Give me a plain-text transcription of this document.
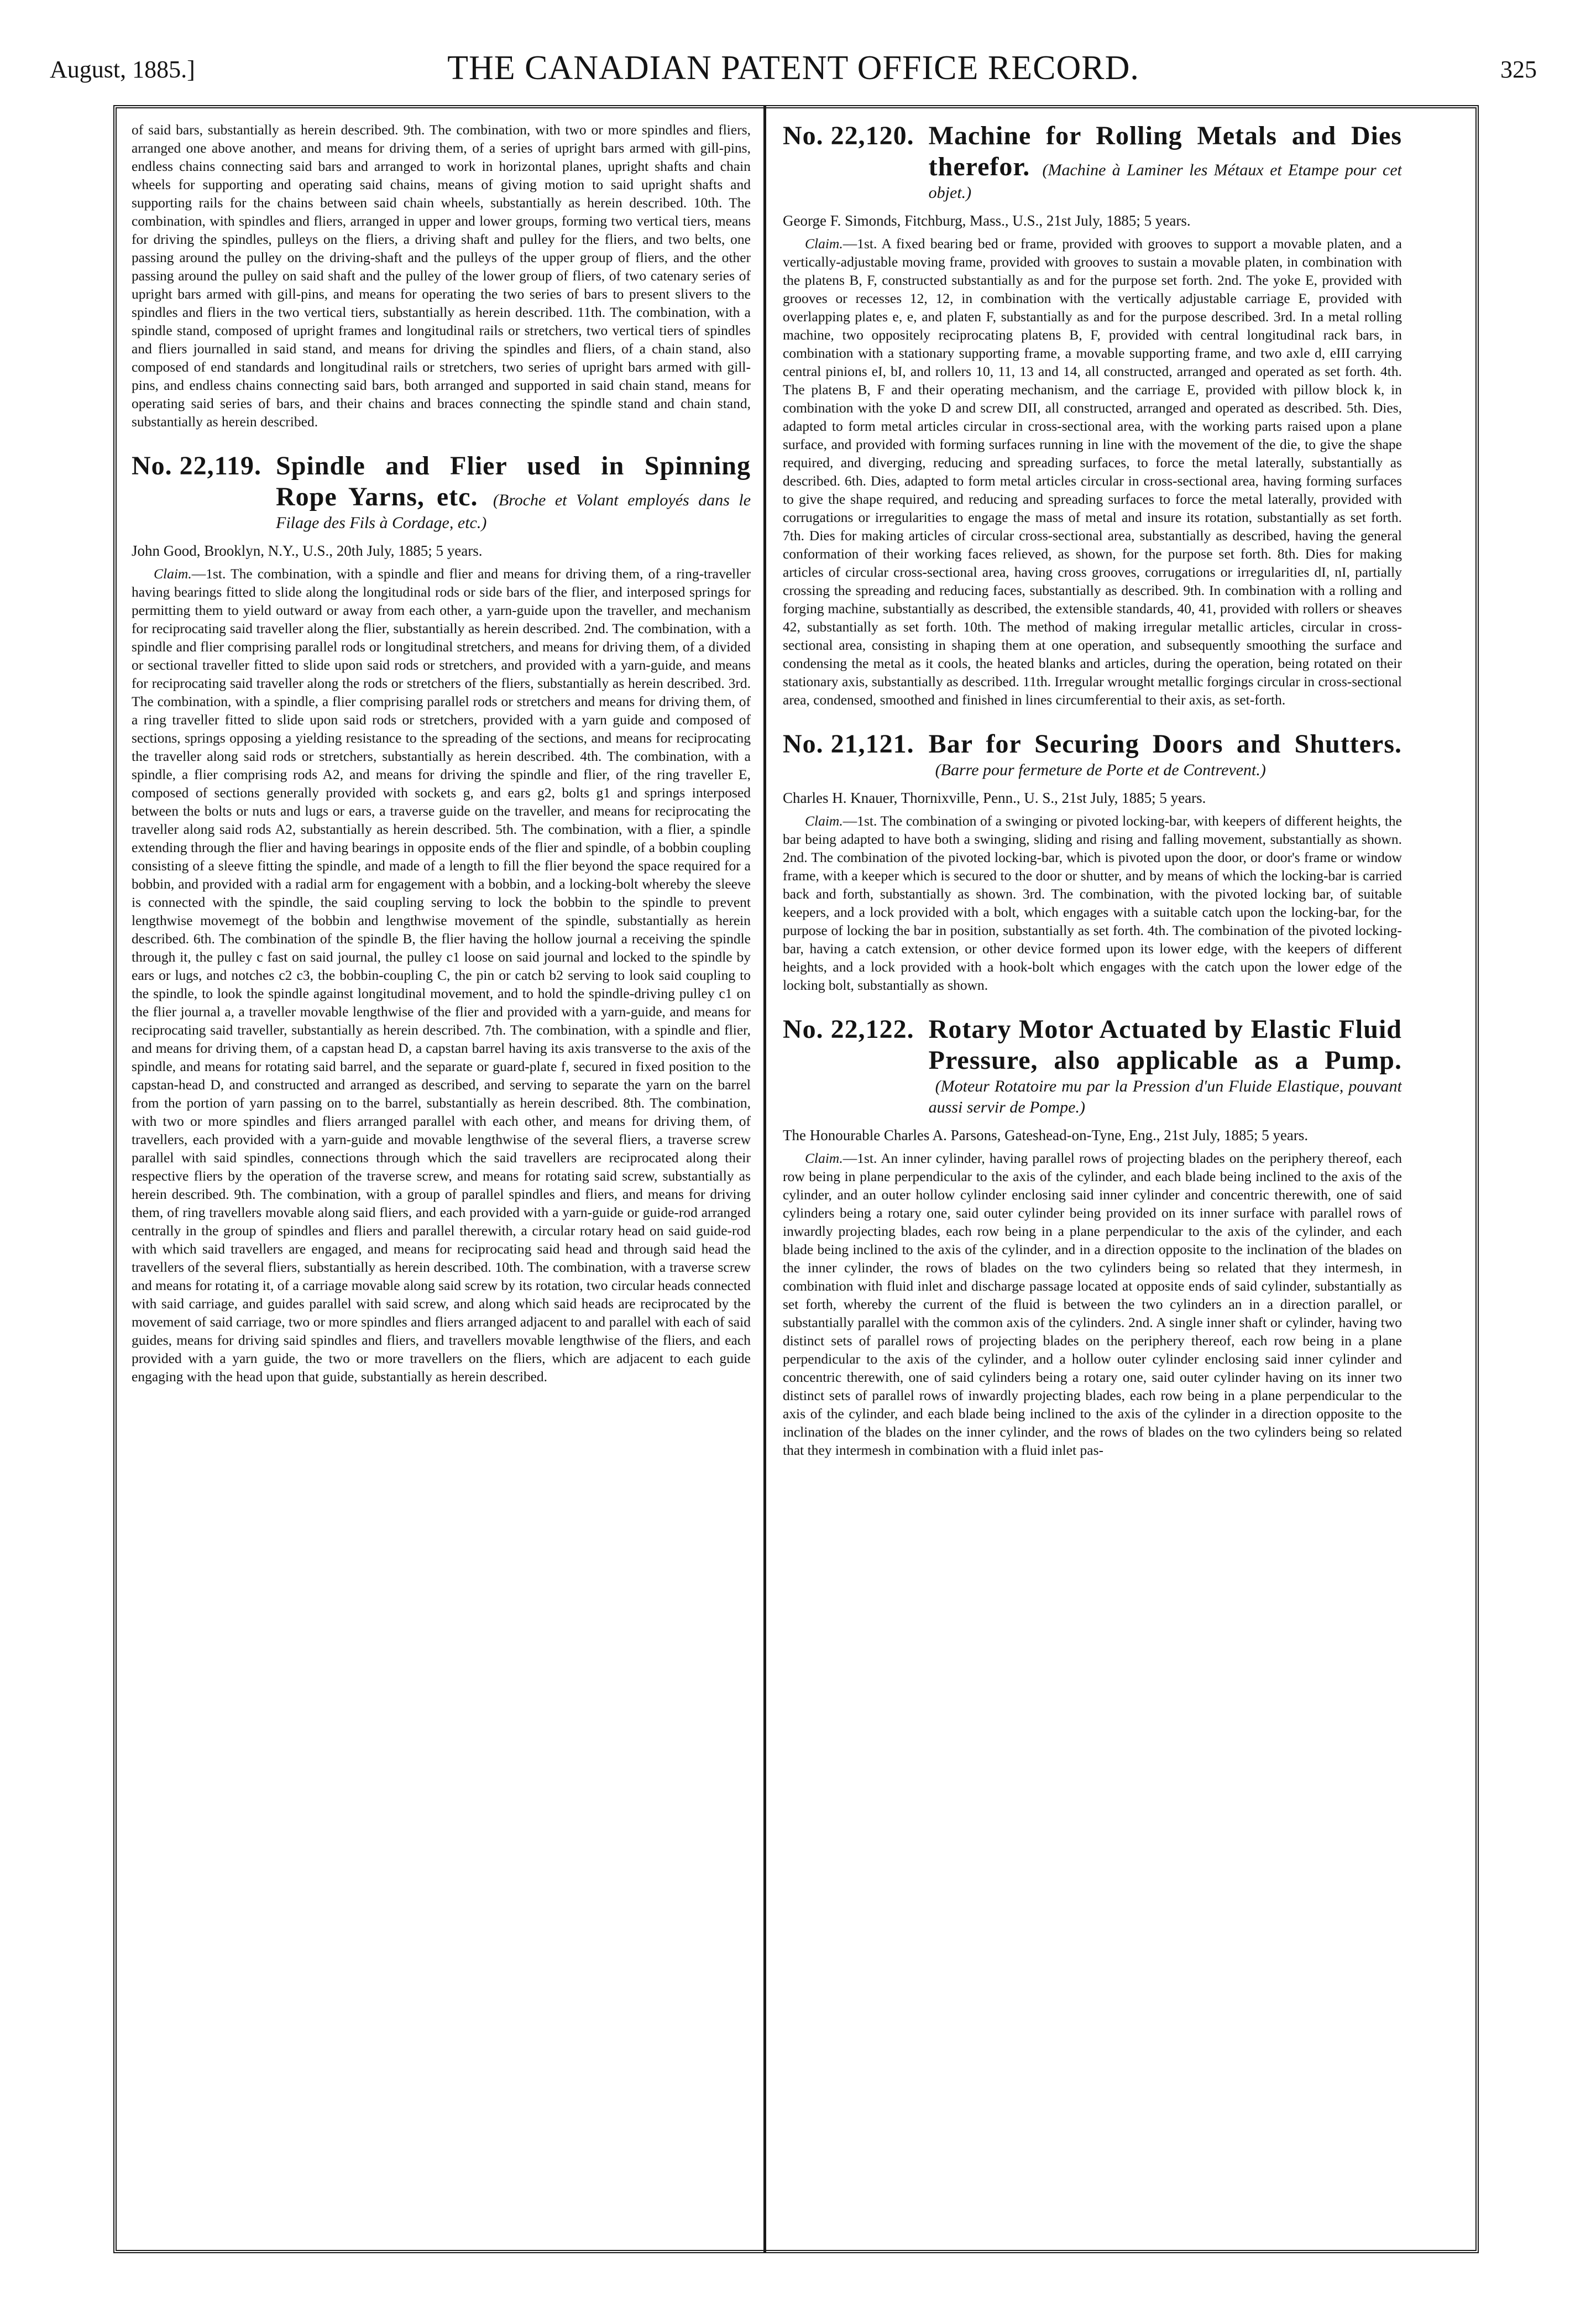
August, 1885.]	THE CANADIAN PATENT OFFICE RECORD.	325

of said bars, substantially as herein described. 9th. The combination, with two or more spindles and fliers, arranged one above another, and means for driving them, of a series of upright bars armed with gill-pins, endless chains connecting said bars and arranged to work in horizontal planes, upright shafts and chain wheels for supporting and operating said chains, means of giving motion to said upright shafts and supporting rails for the chains between said chain wheels, substantially as herein described. 10th. The combination, with spindles and fliers, arranged in upper and lower groups, forming two vertical tiers, means for driving the spindles, pulleys on the fliers, a driving shaft and pulley for the fliers, and two belts, one passing around the pulley on the driving-shaft and the pulleys of the upper group of fliers, and the other passing around the pulley on said shaft and the pulley of the lower group of fliers, of two catenary series of upright bars armed with gill-pins, and means for operating the two series of bars to present slivers to the spindles and fliers in the two vertical tiers, substantially as herein described. 11th. The combination, with a spindle stand, composed of upright frames and longitudinal rails or stretchers, two vertical tiers of spindles and fliers journalled in said stand, and means for driving the spindles and fliers, of a chain stand, also composed of end standards and longitudinal rails or stretchers, two series of upright bars armed with gill-pins, and endless chains connecting said bars, both arranged and supported in said chain stand, means for operating said series of bars, and their chains and braces connecting the spindle stand and chain stand, substantially as herein described.

No. 22,119. Spindle and Flier used in Spinning Rope Yarns, etc. (Broche et Volant employés dans le Filage des Fils à Cordage, etc.)
John Good, Brooklyn, N.Y., U.S., 20th July, 1885; 5 years.

Claim.—1st. The combination, with a spindle and flier and means for driving them, of a ring-traveller having bearings fitted to slide along the longitudinal rods or side bars of the flier, and interposed springs for permitting them to yield outward or away from each other, a yarn-guide upon the traveller, and mechanism for reciprocating said traveller along the flier, substantially as herein described. 2nd. The combination, with a spindle and flier comprising parallel rods or longitudinal stretchers, and means for driving them, of a divided or sectional traveller fitted to slide upon said rods or stretchers, and provided with a yarn-guide, and means for reciprocating said traveller along the rods or stretchers of the fliers, substantially as herein described. 3rd. The combination, with a spindle, a flier comprising parallel rods or stretchers and means for driving them, of a ring traveller fitted to slide upon said rods or stretchers, provided with a yarn guide and composed of sections, springs opposing a yielding resistance to the spreading of the sections, and means for reciprocating the traveller along said rods or stretchers, substantially as herein described. 4th. The combination, with a spindle, a flier comprising rods A2, and means for driving the spindle and flier, of the ring traveller E, composed of sections generally provided with sockets g, and ears g2, bolts g1 and springs interposed between the bolts or nuts and lugs or ears, a traverse guide on the traveller, and means for reciprocating the traveller along said rods A2, substantially as herein described. 5th. The combination, with a flier, a spindle extending through the flier and having bearings in opposite ends of the flier and spindle, of a bobbin coupling consisting of a sleeve fitting the spindle, and made of a length to fill the flier beyond the space required for a bobbin, and provided with a radial arm for engagement with a bobbin, and a locking-bolt whereby the sleeve is connected with the spindle, the said coupling serving to lock the bobbin to the spindle to prevent lengthwise movemegt of the bobbin and lengthwise movement of the spindle, substantially as herein described. 6th. The combination of the spindle B, the flier having the hollow journal a receiving the spindle through it, the pulley c fast on said journal, the pulley c1 loose on said journal and locked to the spindle by ears or lugs, and notches c2 c3, the bobbin-coupling C, the pin or catch b2 serving to look said coupling to the spindle, to look the spindle against longitudinal movement, and to hold the spindle-driving pulley c1 on the flier journal a, a traveller movable lengthwise of the flier and provided with a yarn-guide, and means for reciprocating said traveller, substantially as herein described. 7th. The combination, with a spindle and flier, and means for driving them, of a capstan head D, a capstan barrel having its axis transverse to the axis of the spindle, and means for rotating said barrel, and the separate or guard-plate f, secured in fixed position to the capstan-head D, and constructed and arranged as described, and serving to separate the yarn on the barrel from the portion of yarn passing on to the barrel, substantially as herein described. 8th. The combination, with two or more spindles and fliers arranged parallel with each other, and means for driving them, of travellers, each provided with a yarn-guide and movable lengthwise of the several fliers, a traverse screw parallel with said spindles, connections through which the said travellers are reciprocated along their respective fliers by the operation of the traverse screw, and means for rotating said screw, substantially as herein described. 9th. The combination, with a group of parallel spindles and fliers, and means for driving them, of ring travellers movable along said fliers, and each provided with a yarn-guide or guide-rod arranged centrally in the group of spindles and fliers and parallel therewith, a circular rotary head on said guide-rod with which said travellers are engaged, and means for reciprocating said head and through said head the travellers of the several fliers, substantially as herein described. 10th. The combination, with a traverse screw and means for rotating it, of a carriage movable along said screw by its rotation, two circular heads connected with said carriage, and guides parallel with said screw, and along which said heads are reciprocated by the movement of said carriage, two or more spindles and fliers arranged adjacent to and parallel with each of said guides, means for driving said spindles and fliers, and travellers movable lengthwise of the fliers, and each provided with a yarn guide, the two or more travellers on the fliers, which are adjacent to each guide engaging with the head upon that guide, substantially as herein described.

No. 22,120. Machine for Rolling Metals and Dies therefor. (Machine à Laminer les Métaux et Etampe pour cet objet.)
George F. Simonds, Fitchburg, Mass., U.S., 21st July, 1885; 5 years.

Claim.—1st. A fixed bearing bed or frame, provided with grooves to support a movable platen, and a vertically-adjustable moving frame, provided with grooves to sustain a movable platen, in combination with the platens B, F, constructed substantially as and for the purpose set forth. 2nd. The yoke E, provided with grooves or recesses 12, 12, in combination with the vertically adjustable carriage E, provided with overlapping plates e, e, and platen F, substantially as and for the purpose described. 3rd. In a metal rolling machine, two oppositely reciprocating platens B, F, provided with central longitudinal rack bars, in combination with a stationary supporting frame, a movable supporting frame, and two axle d, eIII carrying central pinions eI, bI, and rollers 10, 11, 13 and 14, all constructed, arranged and operated as set forth. 4th. The platens B, F and their operating mechanism, and the carriage E, provided with pillow block k, in combination with the yoke D and screw DII, all constructed, arranged and operated as described. 5th. Dies, adapted to form metal articles circular in cross-sectional area, with the working parts raised upon a plane surface, and provided with forming surfaces running in line with the movement of the die, to give the shape required, and diverging, reducing and spreading surfaces, to force the metal laterally, substantially as described. 6th. Dies, adapted to form metal articles circular in cross-sectional area, having forming surfaces to give the shape required, and reducing and spreading surfaces to force the metal laterally, provided with corrugations or irregularities to engage the mass of metal and insure its rotation, substantially as set forth. 7th. Dies for making articles of circular cross-sectional area, substantially as described, having the general conformation of their working faces relieved, as shown, for the purpose set forth. 8th. Dies for making articles of circular cross-sectional area, having cross grooves, corrugations or irregularities dI, nI, partially crossing the spreading and reducing faces, substantially as described. 9th. In combination with a rolling and forging machine, substantially as described, the extensible standards, 40, 41, provided with rollers or sheaves 42, substantially as set forth. 10th. The method of making irregular metallic articles, circular in cross-sectional area, consisting in shaping them at one operation, and subsequently smoothing the surface and condensing the metal as it cools, the heated blanks and articles, during the operation, being rotated on their stationary axis, substantially as described. 11th. Irregular wrought metallic forgings circular in cross-sectional area, condensed, smoothed and finished in lines circumferential to their axis, as set-forth.

No. 21,121. Bar for Securing Doors and Shutters. (Barre pour fermeture de Porte et de Contrevent.)
Charles H. Knauer, Thornixville, Penn., U. S., 21st July, 1885; 5 years.

Claim.—1st. The combination of a swinging or pivoted locking-bar, with keepers of different heights, the bar being adapted to have both a swinging, sliding and rising and falling movement, substantially as shown. 2nd. The combination of the pivoted locking-bar, which is pivoted upon the door, or door's frame or window frame, with a keeper which is secured to the door or shutter, and by means of which the locking-bar is carried back and forth, substantially as shown. 3rd. The combination, with the pivoted locking bar, of suitable keepers, and a lock provided with a bolt, which engages with a suitable catch upon the locking-bar, for the purpose of locking the bar in position, substantially as set forth. 4th. The combination of the pivoted locking-bar, having a catch extension, or other device formed upon its lower edge, with the keepers of different heights, and a lock provided with a hook-bolt which engages with the catch upon the lower edge of the locking bolt, substantially as shown.

No. 22,122. Rotary Motor Actuated by Elastic Fluid Pressure, also applicable as a Pump. (Moteur Rotatoire mu par la Pression d'un Fluide Elastique, pouvant aussi servir de Pompe.)
The Honourable Charles A. Parsons, Gateshead-on-Tyne, Eng., 21st July, 1885; 5 years.

Claim.—1st. An inner cylinder, having parallel rows of projecting blades on the periphery thereof, each row being in plane perpendicular to the axis of the cylinder, and each blade being inclined to the axis of the cylinder, and an outer hollow cylinder enclosing said inner cylinder and concentric therewith, one of said cylinders being a rotary one, said outer cylinder being provided on its inner surface with parallel rows of inwardly projecting blades, each row being in a plane perpendicular to the axis of the cylinder, and each blade being inclined to the axis of the cylinder, and in a direction opposite to the inclination of the blades on the inner cylinder, the rows of blades on the two cylinders being so related that they intermesh, in combination with fluid inlet and discharge passage located at opposite ends of said cylinder, substantially as set forth, whereby the current of the fluid is between the two cylinders an in a direction parallel, or substantially parallel with the common axis of the cylinders. 2nd. A single inner shaft or cylinder, having two distinct sets of parallel rows of projecting blades on the periphery thereof, each row being in a plane perpendicular to the axis of the cylinder, and a hollow outer cylinder enclosing said inner cylinder and concentric therewith, one of said cylinders being a rotary one, said outer cylinder having on its inner two distinct sets of parallel rows of inwardly projecting blades, each row being in a plane perpendicular to the axis of the cylinder, and each blade being inclined to the axis of the cylinder in a direction opposite to the inclination of the blades on the inner cylinder, and the rows of blades on the two cylinders being so related that they intermesh in combination with a fluid inlet pas-
